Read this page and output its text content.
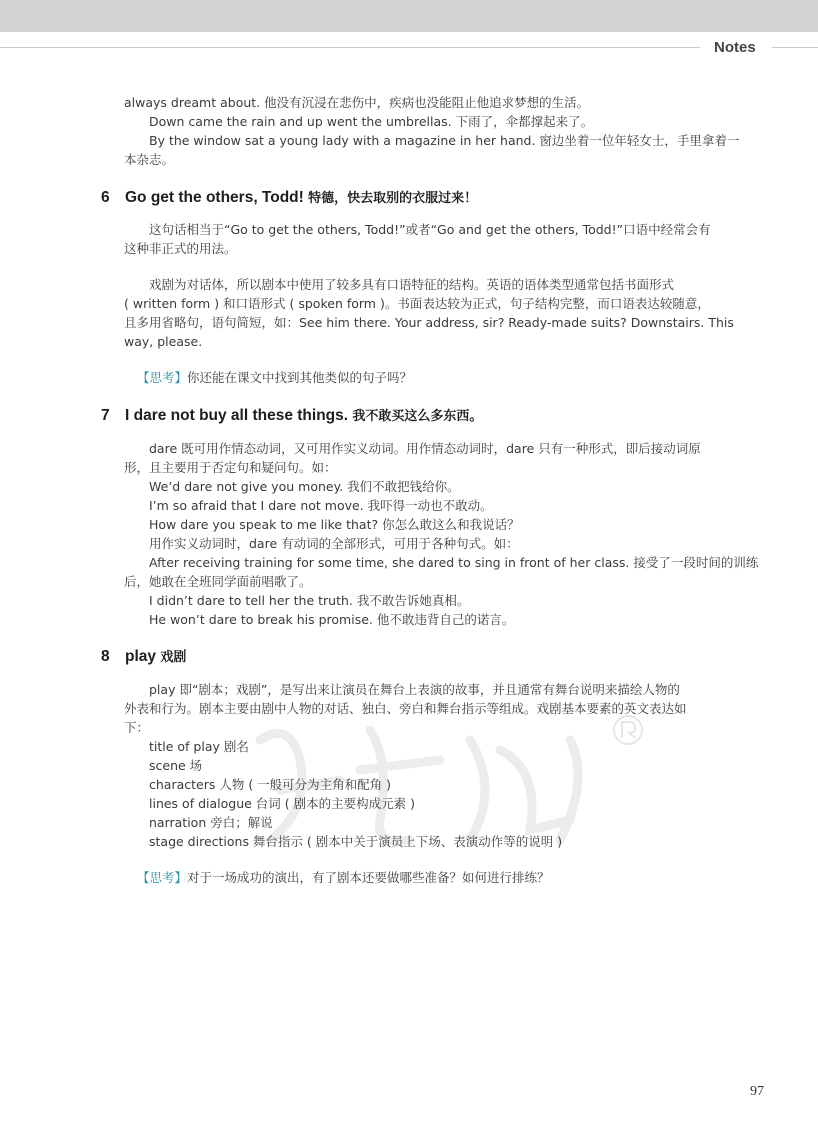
Notes
always dreamt about. 他没有沉浸在悲伤中，疾病也没能阻止他追求梦想的生活。
Down came the rain and up went the umbrellas. 下雨了，伞都撑起来了。
By the window sat a young lady with a magazine in her hand. 窗边坐着一位年轻女士，手里拿着一
本杂志。
6 Go get the others, Todd! 特德，快去取别的衣服过来！
这句话相当于“Go to get the others, Todd!”或者“Go and get the others, Todd!”口语中经常会有
这种非正式的用法。
戏剧为对话体，所以剧本中使用了较多具有口语特征的结构。英语的语体类型通常包括书面形式
( written form ) 和口语形式 ( spoken form )。书面表达较为正式，句子结构完整，而口语表达较随意，
且多用省略句，语句简短，如：See him there. Your address, sir? Ready-made suits? Downstairs. This
way, please.
【思考】你还能在课文中找到其他类似的句子吗？
7 I dare not buy all these things. 我不敢买这么多东西。
dare 既可用作情态动词，又可用作实义动词。用作情态动词时，dare 只有一种形式，即后接动词原
形，且主要用于否定句和疑问句。如：
We’d dare not give you money. 我们不敢把钱给你。
I’m so afraid that I dare not move. 我吓得一动也不敢动。
How dare you speak to me like that? 你怎么敢这么和我说话？
用作实义动词时，dare 有动词的全部形式，可用于各种句式。如：
After receiving training for some time, she dared to sing in front of her class. 接受了一段时间的训练
后，她敢在全班同学面前唱歌了。
I didn’t dare to tell her the truth. 我不敢告诉她真相。
He won’t dare to break his promise. 他不敢违背自己的诺言。
8 play 戏剧
play 即“剧本；戏剧”，是写出来让演员在舞台上表演的故事，并且通常有舞台说明来描绘人物的
外表和行为。剧本主要由剧中人物的对话、独白、旁白和舞台指示等组成。戏剧基本要素的英文表达如
下：
title of play 剧名
scene 场
characters 人物 ( 一般可分为主角和配角 )
lines of dialogue 台词 ( 剧本的主要构成元素 )
narration 旁白；解说
stage directions 舞台指示 ( 剧本中关于演员上下场、表演动作等的说明 )
【思考】对于一场成功的演出，有了剧本还要做哪些准备？如何进行排练？
97
